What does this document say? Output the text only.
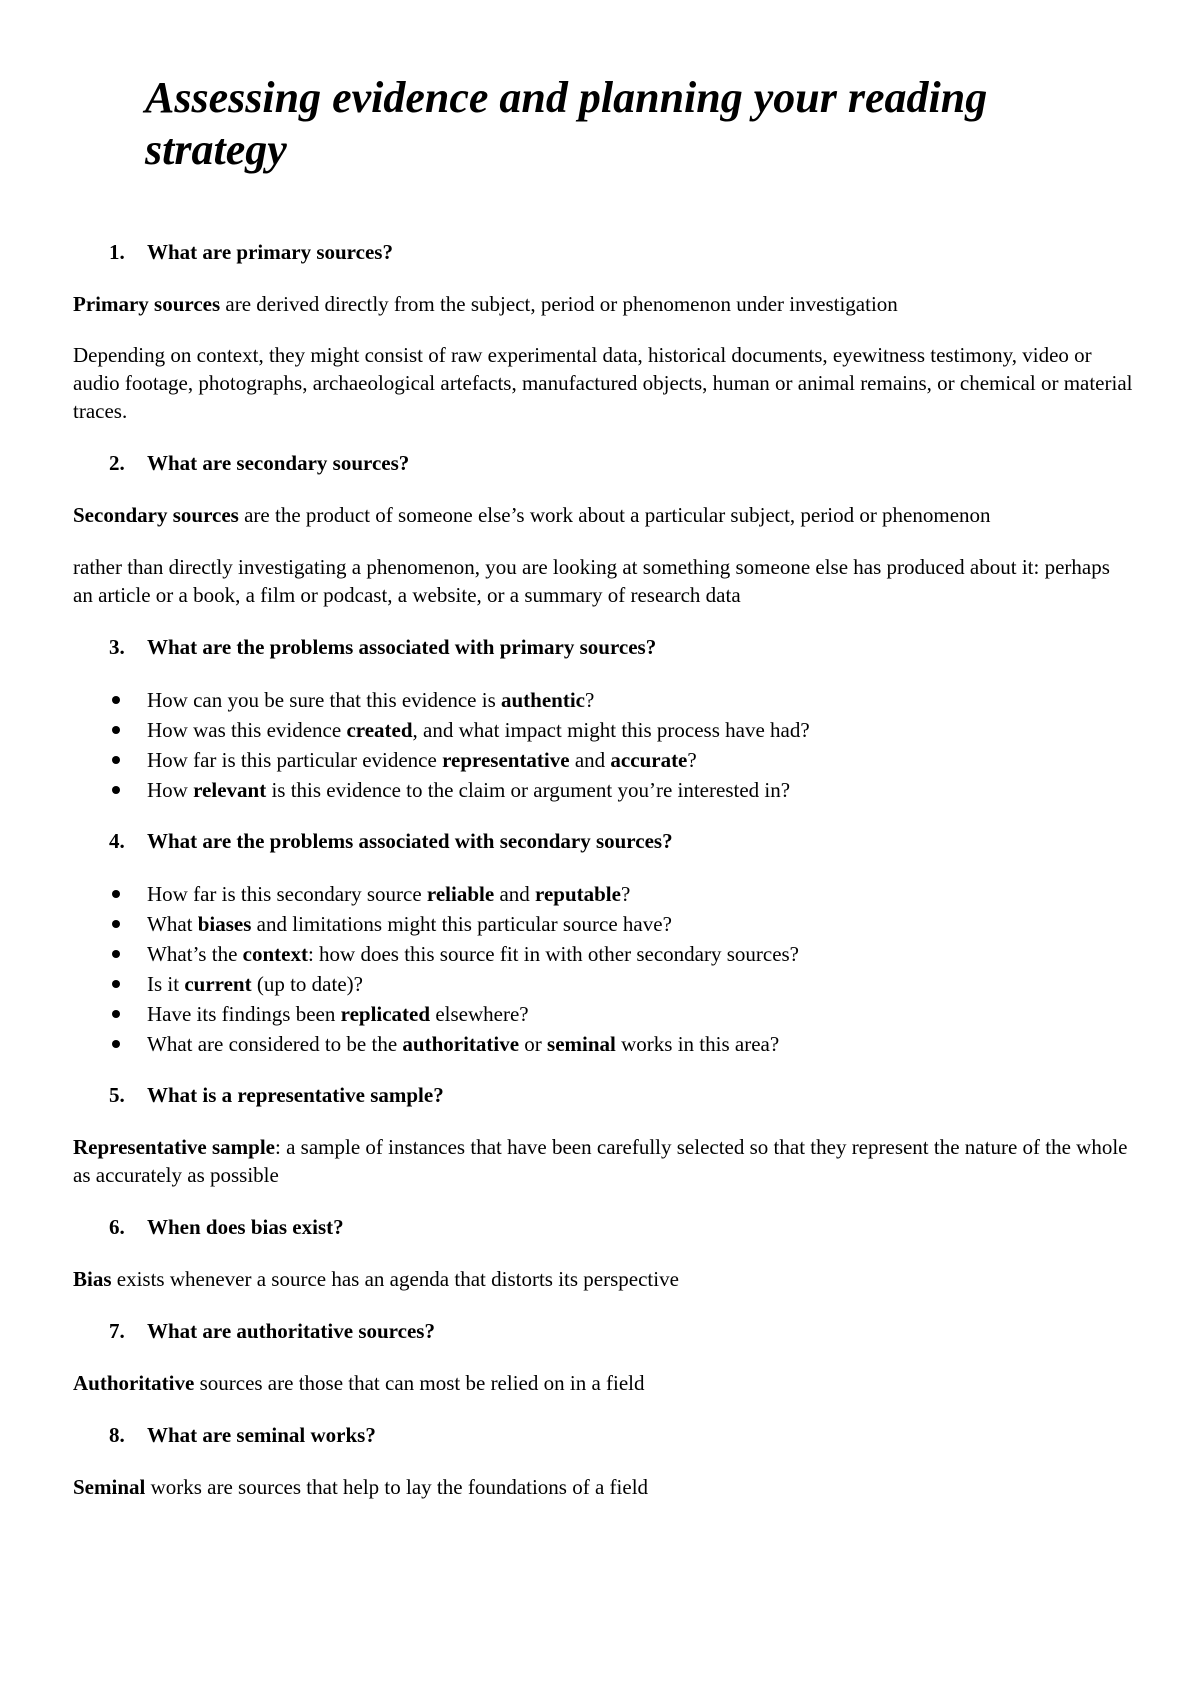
Assessing evidence and planning your reading strategy
1. What are primary sources?

Primary sources are derived directly from the subject, period or phenomenon under investigation

Depending on context, they might consist of raw experimental data, historical documents, eyewitness testimony, video or audio footage, photographs, archaeological artefacts, manufactured objects, human or animal remains, or chemical or material traces.

2. What are secondary sources?

Secondary sources are the product of someone else’s work about a particular subject, period or phenomenon

rather than directly investigating a phenomenon, you are looking at something someone else has produced about it: perhaps an article or a book, a film or podcast, a website, or a summary of research data

3. What are the problems associated with primary sources?
How can you be sure that this evidence is authentic?
How was this evidence created, and what impact might this process have had?
How far is this particular evidence representative and accurate?
How relevant is this evidence to the claim or argument you’re interested in?
4. What are the problems associated with secondary sources?
How far is this secondary source reliable and reputable?
What biases and limitations might this particular source have?
What’s the context: how does this source fit in with other secondary sources?
Is it current (up to date)?
Have its findings been replicated elsewhere?
What are considered to be the authoritative or seminal works in this area?
5. What is a representative sample?

Representative sample: a sample of instances that have been carefully selected so that they represent the nature of the whole as accurately as possible

6. When does bias exist?

Bias exists whenever a source has an agenda that distorts its perspective

7. What are authoritative sources?

Authoritative sources are those that can most be relied on in a field

8. What are seminal works?

Seminal works are sources that help to lay the foundations of a field
